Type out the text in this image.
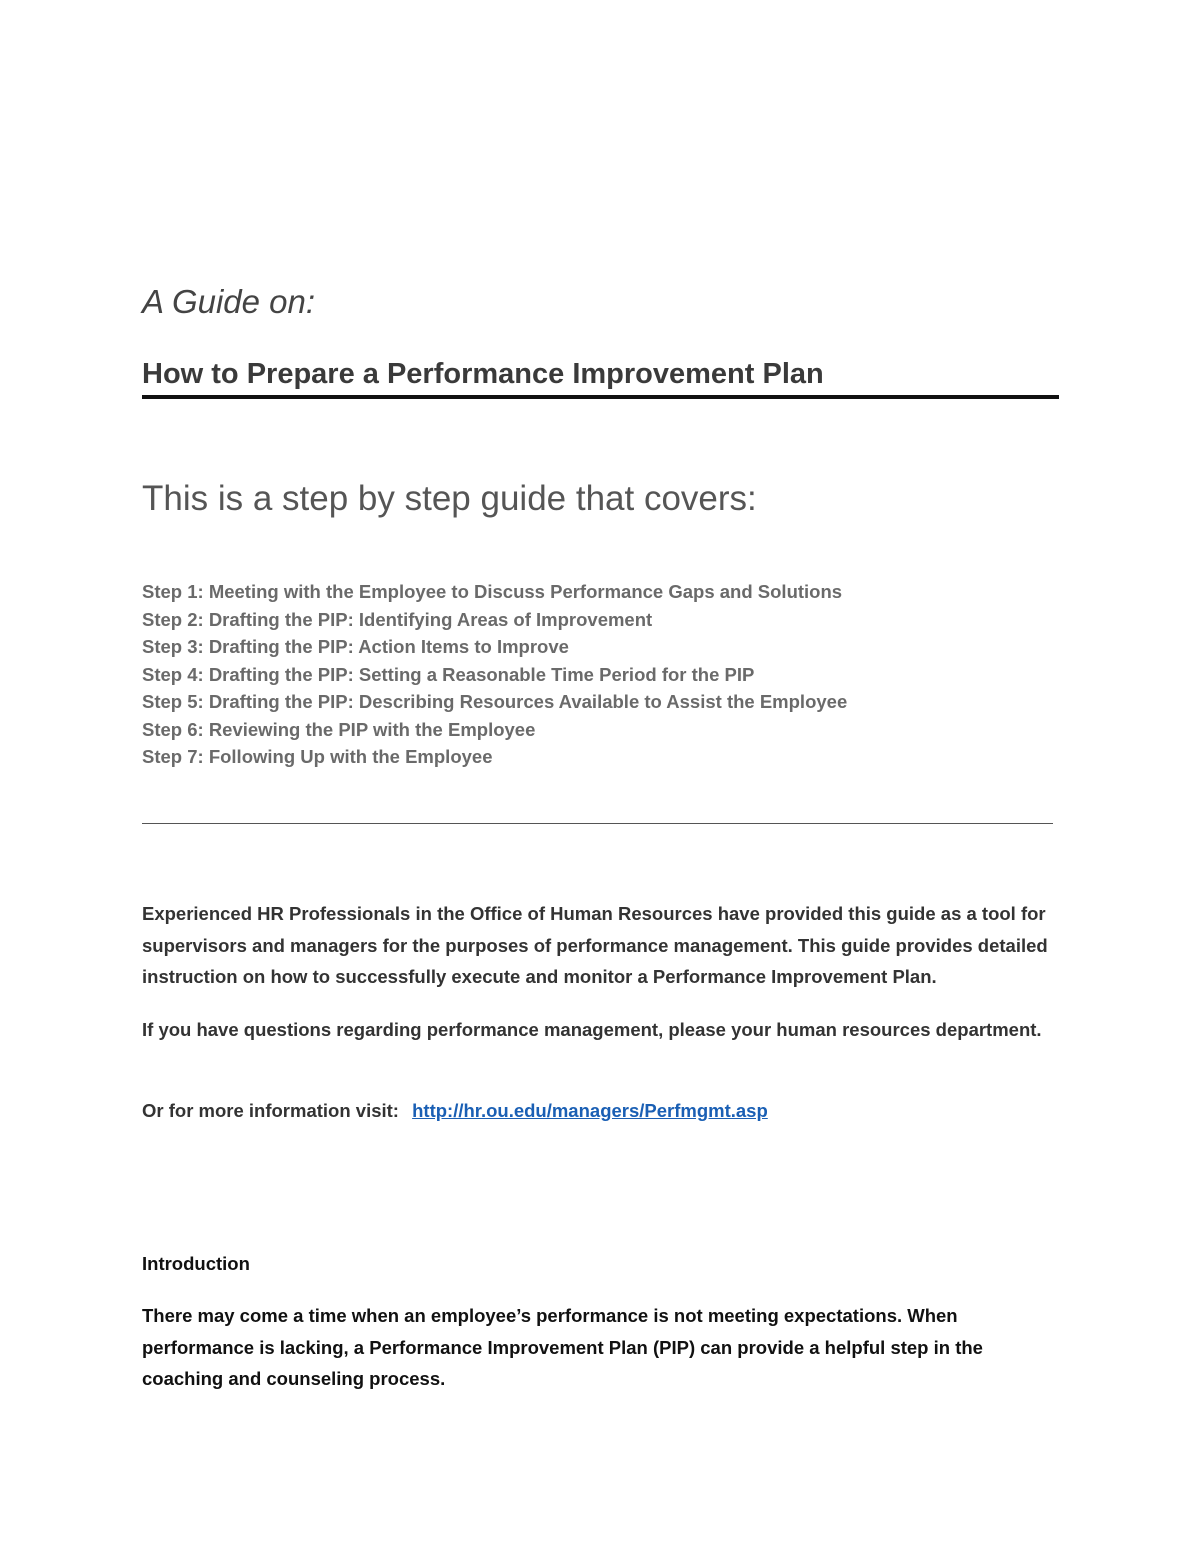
A Guide on:
How to Prepare a Performance Improvement Plan
This is a step by step guide that covers:
Step 1: Meeting with the Employee to Discuss Performance Gaps and Solutions
Step 2: Drafting the PIP: Identifying Areas of Improvement
Step 3: Drafting the PIP: Action Items to Improve
Step 4: Drafting the PIP: Setting a Reasonable Time Period for the PIP
Step 5: Drafting the PIP: Describing Resources Available to Assist the Employee
Step 6: Reviewing the PIP with the Employee
Step 7: Following Up with the Employee

Experienced HR Professionals in the Office of Human Resources have provided this guide as a tool for supervisors and managers for the purposes of performance management. This guide provides detailed instruction on how to successfully execute and monitor a Performance Improvement Plan.

If you have questions regarding performance management, please your human resources department.

Or for more information visit: http://hr.ou.edu/managers/Perfmgmt.asp

Introduction

There may come a time when an employee’s performance is not meeting expectations. When performance is lacking, a Performance Improvement Plan (PIP) can provide a helpful step in the coaching and counseling process.
